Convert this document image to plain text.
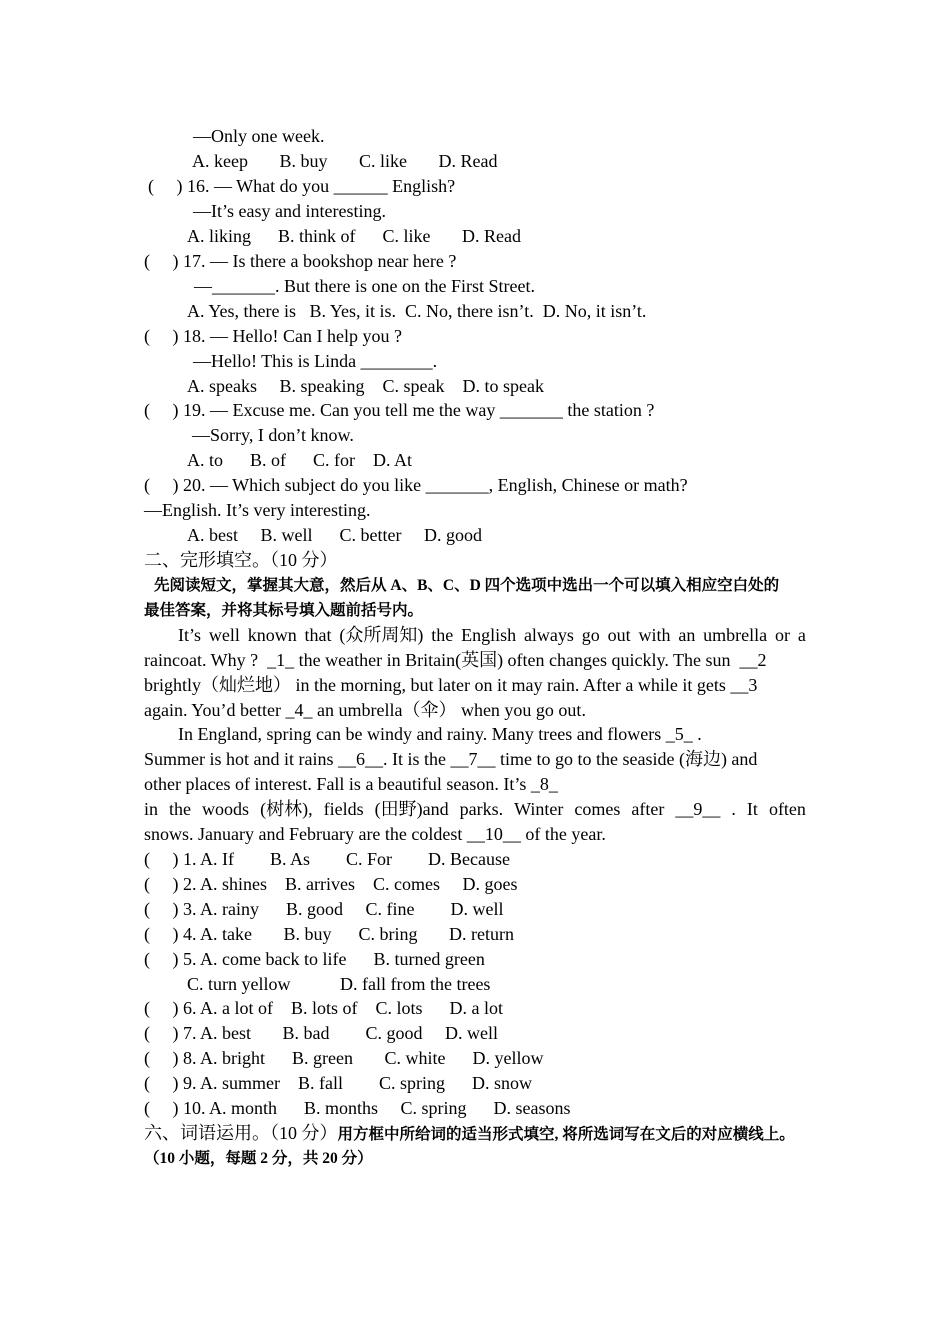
—Only one week.
A. keep       B. buy       C. like       D. Read
(     ) 16. — What do you ______ English?
—It’s easy and interesting.
A. liking      B. think of      C. like       D. Read
(     ) 17. — Is there a bookshop near here ?
—_______. But there is one on the First Street.
A. Yes, there is   B. Yes, it is.  C. No, there isn’t.  D. No, it isn’t.
(     ) 18. — Hello! Can I help you ?
—Hello! This is Linda ________.
A. speaks     B. speaking    C. speak    D. to speak
(     ) 19. — Excuse me. Can you tell me the way _______ the station ?
—Sorry, I don’t know.
A. to      B. of      C. for    D. At
(     ) 20. — Which subject do you like _______, English, Chinese or math?
—English. It’s very interesting.
A. best     B. well      C. better     D. good
二、完形填空。（10 分）
先阅读短文，掌握其大意，然后从 A、B、C、D 四个选项中选出一个可以填入相应空白处的
最佳答案，并将其标号填入题前括号内。
It’s well known that (众所周知) the English always go out with an umbrella or a
raincoat. Why ?  _1_ the weather in Britain(英国) often changes quickly. The sun  __2
brightly（灿烂地） in the morning, but later on it may rain. After a while it gets __3
again. You’d better _4_ an umbrella（伞） when you go out.
In England, spring can be windy and rainy. Many trees and flowers _5_ .
Summer is hot and it rains __6__. It is the __7__ time to go to the seaside (海边) and
other places of interest. Fall is a beautiful season. It’s _8_
in the woods (树林), fields (田野)and parks. Winter comes after __9__ . It often
snows. January and February are the coldest __10__ of the year.
(     ) 1. A. If        B. As        C. For        D. Because
(     ) 2. A. shines    B. arrives    C. comes     D. goes
(     ) 3. A. rainy      B. good     C. fine        D. well
(     ) 4. A. take       B. buy      C. bring       D. return
(     ) 5. A. come back to life      B. turned green
C. turn yellow           D. fall from the trees
(     ) 6. A. a lot of    B. lots of    C. lots      D. a lot
(     ) 7. A. best       B. bad        C. good     D. well
(     ) 8. A. bright      B. green       C. white      D. yellow
(     ) 9. A. summer    B. fall        C. spring      D. snow
(     ) 10. A. month      B. months     C. spring      D. seasons
六、词语运用。（10 分）用方框中所给词的适当形式填空, 将所选词写在文后的对应横线上。
（10 小题，每题 2 分，共 20 分）
